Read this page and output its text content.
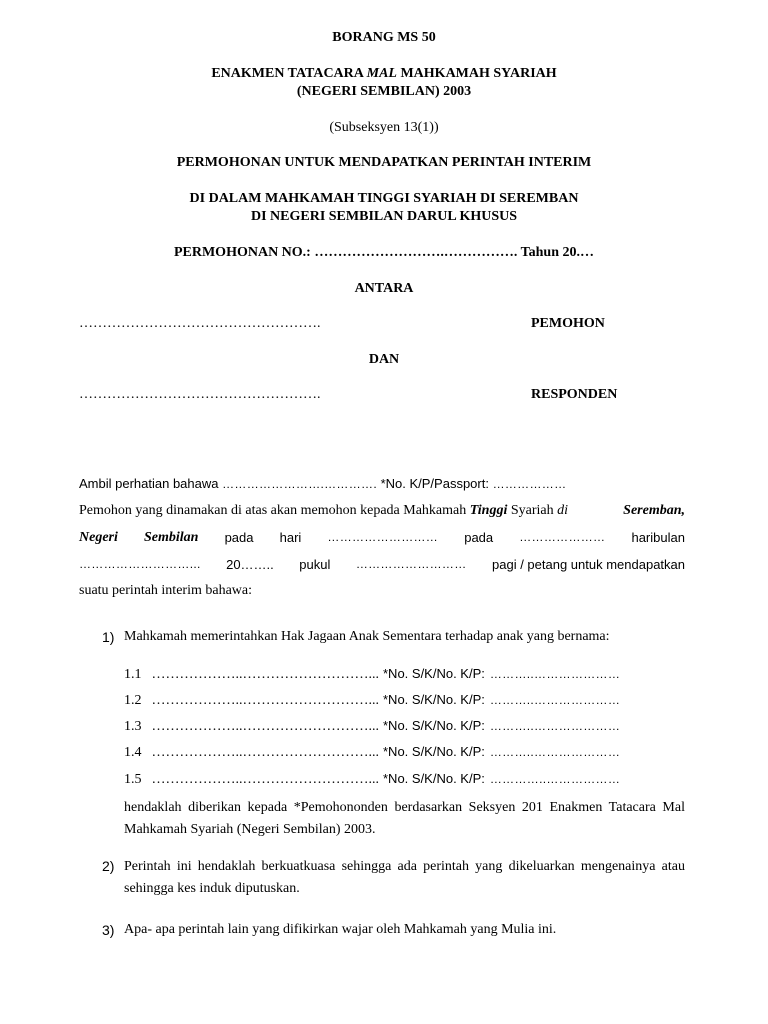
BORANG MS 50
ENAKMEN TATACARA MAL MAHKAMAH SYARIAH
(NEGERI SEMBILAN) 2003
(Subseksyen 13(1))
PERMOHONAN UNTUK MENDAPATKAN PERINTAH INTERIM
DI DALAM MAHKAMAH TINGGI SYARIAH DI SEREMBAN
DI NEGERI SEMBILAN DARUL KHUSUS
PERMOHONAN NO.: ……………………….……………. Tahun 20.…
ANTARA
…………………………………………….	PEMOHON
DAN
…………………………………………….	RESPONDEN
Ambil perhatian bahawa …………………….…………. *No. K/P/Passport: ………………
Pemohon yang dinamakan di atas akan memohon kepada Mahkamah Tinggi Syariah di	Seremban,
Negeri Sembilan pada hari ……………………… pada ………………… haribulan
………………………... 20…….. pukul ……………………… pagi / petang untuk mendapatkan
suatu perintah interim bahawa:
1) Mahkamah memerintahkan Hak Jagaan Anak Sementara terhadap anak yang bernama:
1.1 ………………..………………………... *No. S/K/No. K/P: ………..…………………
1.2 ………………..………………………... *No. S/K/No. K/P: ………..…………………
1.3 ………………..………………………... *No. S/K/No. K/P: ………..…………………
1.4 ………………..………………………... *No. S/K/No. K/P: ………..…………………
1.5 ………………..………………………... *No. S/K/No. K/P: …………..………………
hendaklah diberikan kepada *Pemohononden berdasarkan Seksyen 201 Enakmen Tatacara Mal Mahkamah Syariah (Negeri Sembilan) 2003.
2) Perintah ini hendaklah berkuatkuasa sehingga ada perintah yang dikeluarkan mengenainya atau sehingga kes induk diputuskan.
3) Apa- apa perintah lain yang difikirkan wajar oleh Mahkamah yang Mulia ini.
